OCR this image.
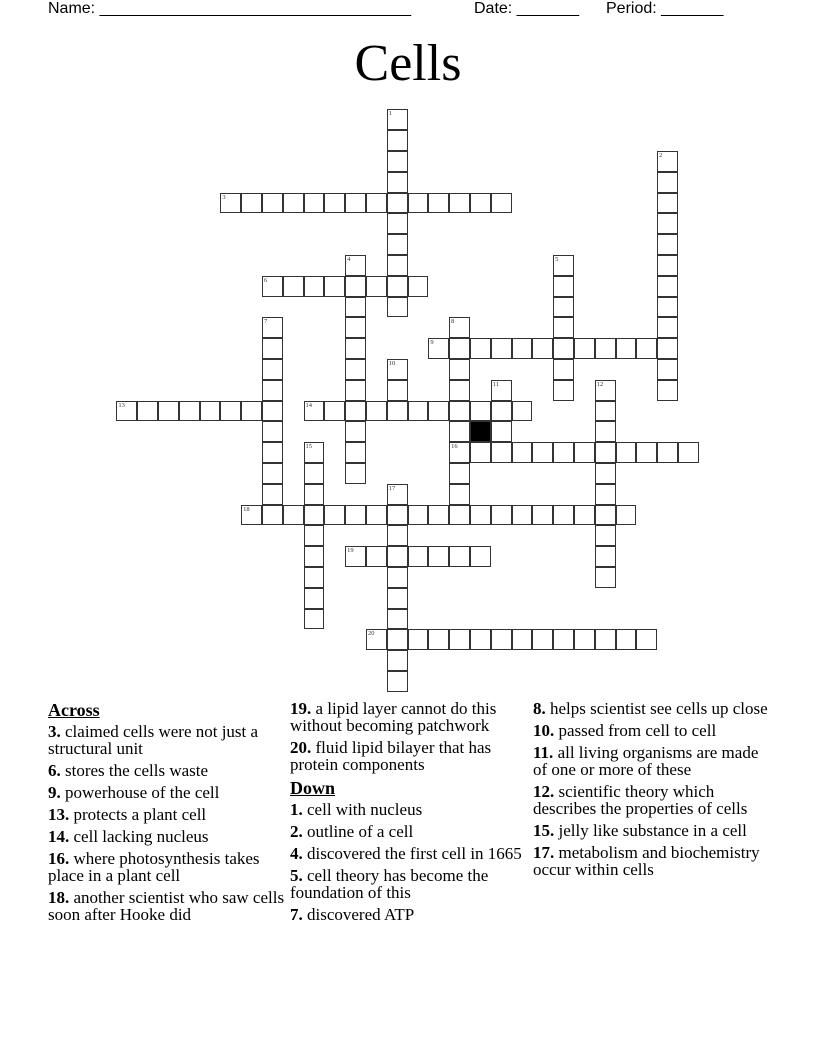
Name: ___________________________________	Date: _______ Period: _______
Cells
1
2
3
4	5
6
7	8
16
9
10
11	12
13	14
15
17
18
19
20
Across
3. claimed cells were not just a structural unit
6. stores the cells waste
9. powerhouse of the cell
13. protects a plant cell
14. cell lacking nucleus
16. where photosynthesis takes place in a plant cell
18. another scientist who saw cells soon after Hooke did
19. a lipid layer cannot do this without becoming patchwork
20. fluid lipid bilayer that has protein components
Down
1. cell with nucleus
2. outline of a cell
4. discovered the first cell in 1665
5. cell theory has become the foundation of this
7. discovered ATP
8. helps scientist see cells up close
10. passed from cell to cell
11. all living organisms are made of one or more of these
12. scientific theory which describes the properties of cells
15. jelly like substance in a cell
17. metabolism and biochemistry occur within cells
